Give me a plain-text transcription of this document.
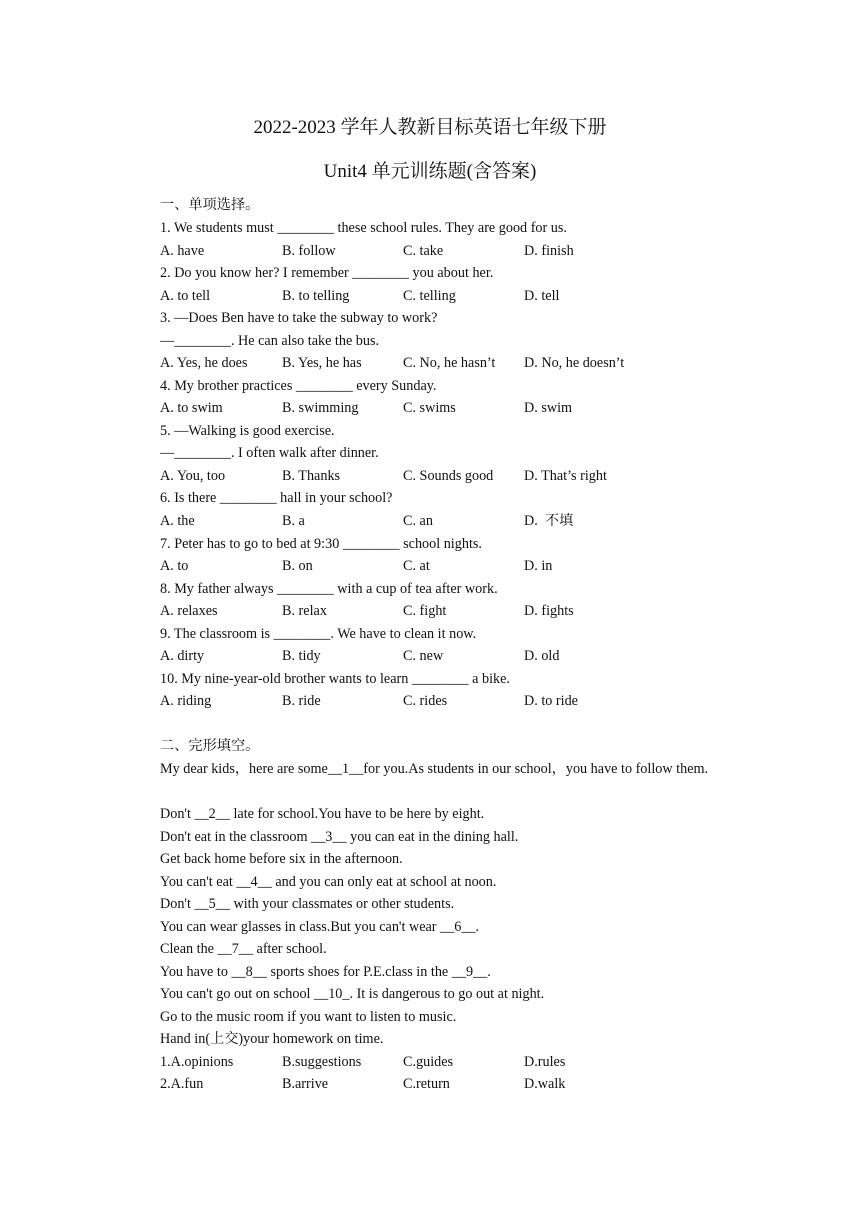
2022-2023 学年人教新目标英语七年级下册
Unit4 单元训练题(含答案)
一、单项选择。
1. We students must ________ these school rules. They are good for us.
A. have	B. follow	C. take	D. finish
2. Do you know her? I remember ________ you about her.
A. to tell	B. to telling	C. telling	D. tell
3. —Does Ben have to take the subway to work?
—________. He can also take the bus.
A. Yes, he does B. Yes, he has	C. No, he hasn’t D. No, he doesn’t
4. My brother practices ________ every Sunday.
A. to swim	B. swimming	C. swims	D. swim
5. —Walking is good exercise.
—________. I often walk after dinner.
A. You, too	B. Thanks	C. Sounds good D. That’s right
6. Is there ________ hall in your school?
A. the	B. a	C. an	D.  不填
7. Peter has to go to bed at 9:30 ________ school nights.
A. to	B. on	C. at	D. in
8. My father always ________ with a cup of tea after work.
A. relaxes	B. relax	C. fight	D. fights
9. The classroom is ________. We have to clean it now.
A. dirty	B. tidy	C. new	D. old
10. My nine-year-old brother wants to learn ________ a bike.
A. riding	B. ride	C. rides	D. to ride
二、完形填空。
My dear kids，here are some__1__for you.As students in our school，you have to follow them.
Don't __2__ late for school.You have to be here by eight.
Don't eat in the classroom __3__ you can eat in the dining hall.
Get back home before six in the afternoon.
You can't eat __4__ and you can only eat at school at noon.
Don't __5__ with your classmates or other students.
You can wear glasses in class.But you can't wear __6__.
Clean the __7__ after school.
You have to __8__ sports shoes for P.E.class in the __9__.
You can't go out on school __10_. It is dangerous to go out at night.
Go to the music room if you want to listen to music.
Hand in(上交)your homework on time.
1.A.opinions	B.suggestions	C.guides	D.rules
2.A.fun	B.arrive	C.return	D.walk
